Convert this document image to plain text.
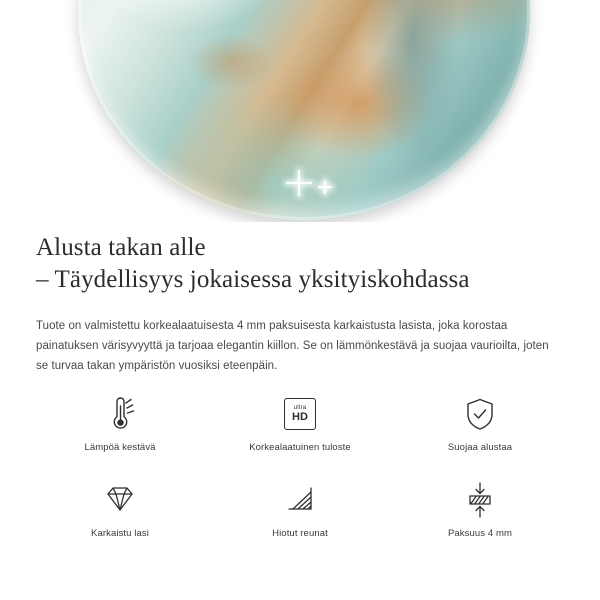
Alusta takan alle
– Täydellisyys jokaisessa yksityiskohdassa

Tuote on valmistettu korkealaatuisesta 4 mm paksuisesta karkaistusta lasista, joka korostaa painatuksen värisyvyyttä ja tarjoaa elegantin kiillon. Se on lämmönkestävä ja suojaa vaurioilta, joten se turvaa takan ympäristön vuosiksi eteenpäin.

Lämpöä kestävä
ultra
HD
Korkealaatuinen tuloste	Suojaa alustaa
Karkaistu lasi	Hiotut reunat	Paksuus 4 mm
